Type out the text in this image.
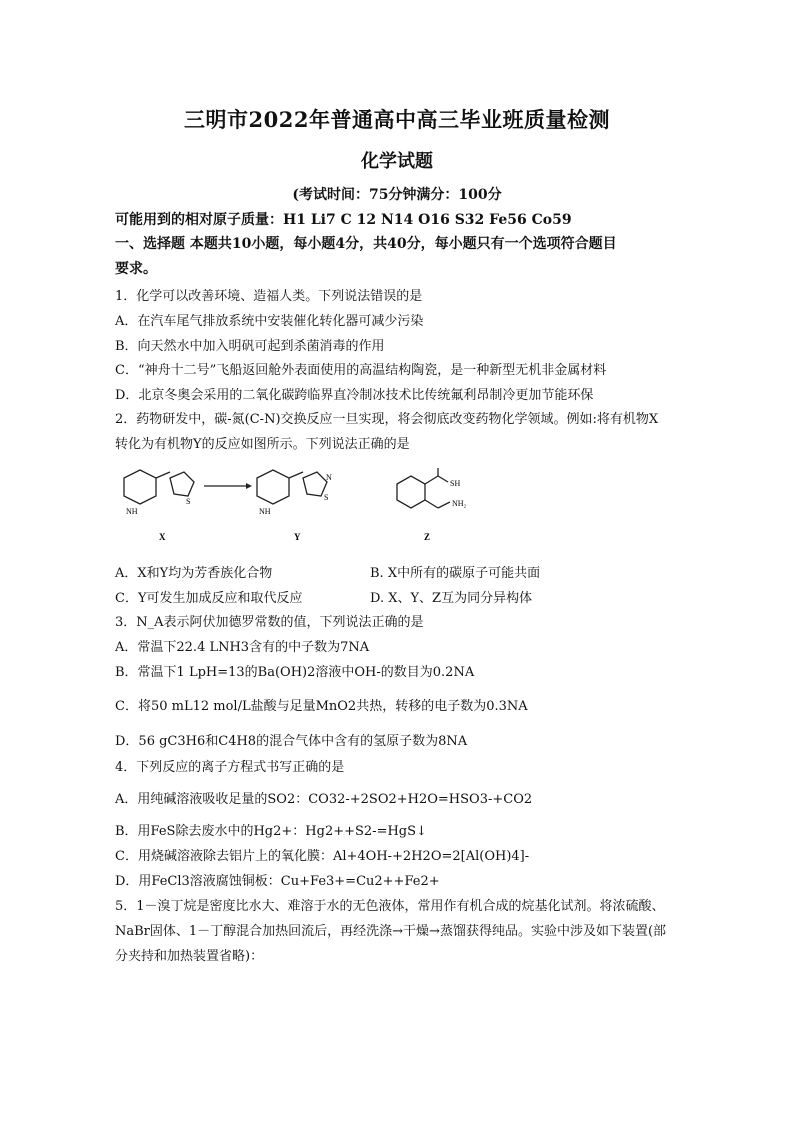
三明市2022年普通高中高三毕业班质量检测
化学试题
(考试时间：75分钟满分：100分
可能用到的相对原子质量：H1 Li7 C 12 N14 O16 S32 Fe56 Co59
一、选择题 本题共10小题，每小题4分，共40分，每小题只有一个选项符合题目
要求。
1．化学可以改善环境、造福人类。下列说法错误的是
A．在汽车尾气排放系统中安装催化转化器可减少污染
B．向天然水中加入明矾可起到杀菌消毒的作用
C．“神舟十二号”飞船返回舱外表面使用的高温结构陶瓷，是一种新型无机非金属材料
D．北京冬奥会采用的二氧化碳跨临界直冷制冰技术比传统氟利昂制冷更加节能环保
2．药物研发中，碳-氮(C-N)交换反应一旦实现，将会彻底改变药物化学领域。例如:将有机物X
转化为有机物Y的反应如图所示。下列说法正确的是
NH
S
X
NH
N
S
Y
SH
NH₂
Z
A．X和Y均为芳香族化合物	B. X中所有的碳原子可能共面
C．Y可发生加成反应和取代反应	D. X、Y、Z互为同分异构体
3．N_A表示阿伏加德罗常数的值，下列说法正确的是
A．常温下22.4 LNH3含有的中子数为7NA
B．常温下1 LpH=13的Ba(OH)2溶液中OH-的数目为0.2NA
C．将50 mL12 mol/L盐酸与足量MnO2共热，转移的电子数为0.3NA
D．56 gC3H6和C4H8的混合气体中含有的氢原子数为8NA
4．下列反应的离子方程式书写正确的是
A．用纯碱溶液吸收足量的SO2：CO32-+2SO2+H2O=HSO3-+CO2
B．用FeS除去废水中的Hg2+：Hg2++S2-=HgS↓
C．用烧碱溶液除去铝片上的氧化膜：Al+4OH-+2H2O=2[Al(OH)4]-
D．用FeCl3溶液腐蚀铜板：Cu+Fe3+=Cu2++Fe2+
5．1－溴丁烷是密度比水大、难溶于水的无色液体，常用作有机合成的烷基化试剂。将浓硫酸、
NaBr固体、1－丁醇混合加热回流后，再经洗涤→干燥→蒸馏获得纯品。实验中涉及如下装置(部
分夹持和加热装置省略)：
